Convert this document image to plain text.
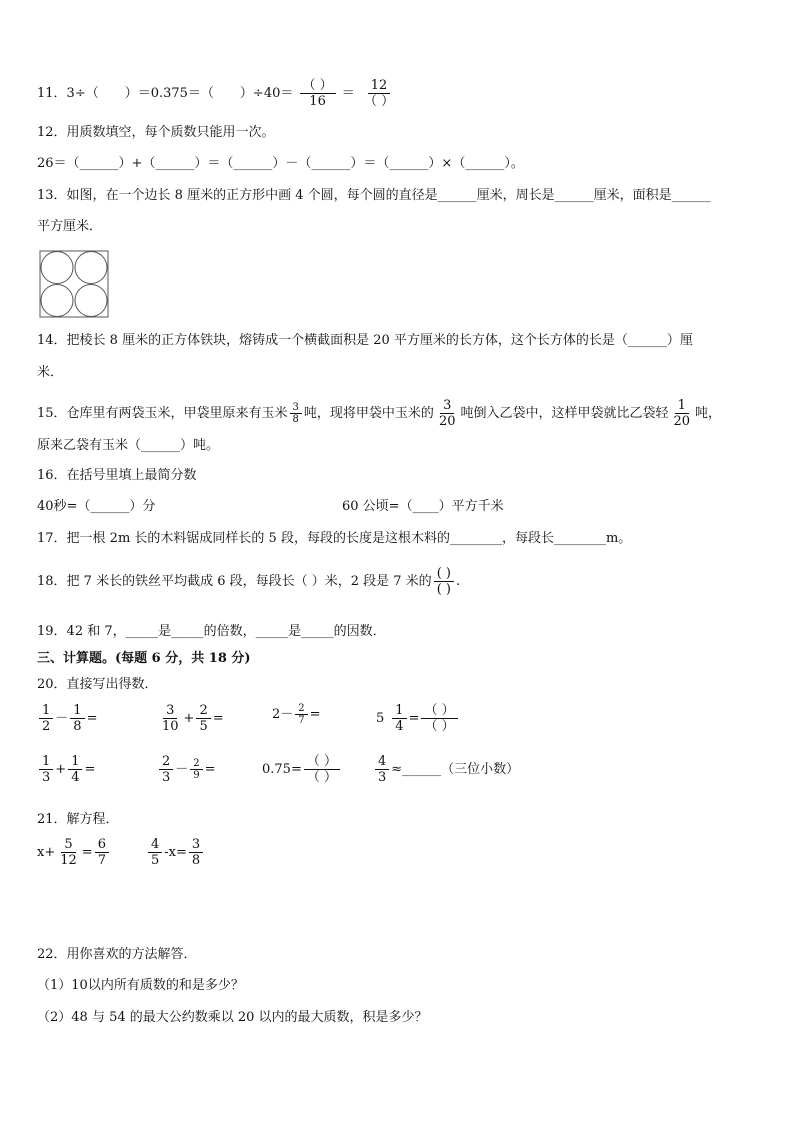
11．3÷（　　）＝0.375＝（　　）$\div 40= \frac{( )}{16} = \frac{12}{( )}$
12．用质数填空，每个质数只能用一次。
26＝（______）+（______）＝（______）－（______）＝（______）×（______）。
13．如图，在一个边长 8 厘米的正方形中画 4 个圆，每个圆的直径是______厘米，周长是______厘米，面积是______
平方厘米．
14．把棱长 8 厘米的正方体铁块，熔铸成一个横截面积是 20 平方厘米的长方体，这个长方体的长是（______）厘
米．
15．仓库里有两袋玉米，甲袋里原来有玉米 $\frac{3}{8}$ 吨，现将甲袋中玉米的 $\frac{3}{20}$ 吨倒入乙袋中，这样甲袋就比乙袋轻 $\frac{1}{20}$ 吨，
原来乙袋有玉米（______）吨。
16．在括号里填上最简分数
40秒=（______）分	60 公顷=（____）平方千米
17．把一根 2m 长的木料锯成同样长的 5 段，每段的长度是这根木料的________，每段长________m。
18．把 7 米长的铁丝平均截成 6 段，每段长（ ）米，2 段是 7 米的 $\frac{( )}{( )}$ .
19．42 和 7，_____是_____的倍数，_____是_____的因数．
三、计算题。(每题 6 分，共 18 分)
20．直接写出得数．
$\frac{1}{2} - \frac{1}{8}$ =	$\frac{3}{10} + \frac{2}{5}$ =	$2- \frac{2}{7}$ =	$5 \frac{1}{4} = \frac{( )}{( )}$
$\frac{1}{3} + \frac{1}{4}$ =	$\frac{2}{3} - \frac{2}{9}$ =	$0.75= \frac{( )}{( )}$	$\frac{4}{3}$ ≈______（三位小数）
21．解方程．
$x+ \frac{5}{12} = \frac{6}{7}$	$\frac{4}{5} -x= \frac{3}{8}$
22．用你喜欢的方法解答．
（1）10以内所有质数的和是多少？
（2）48 与 54 的最大公约数乘以 20 以内的最大质数，积是多少？
